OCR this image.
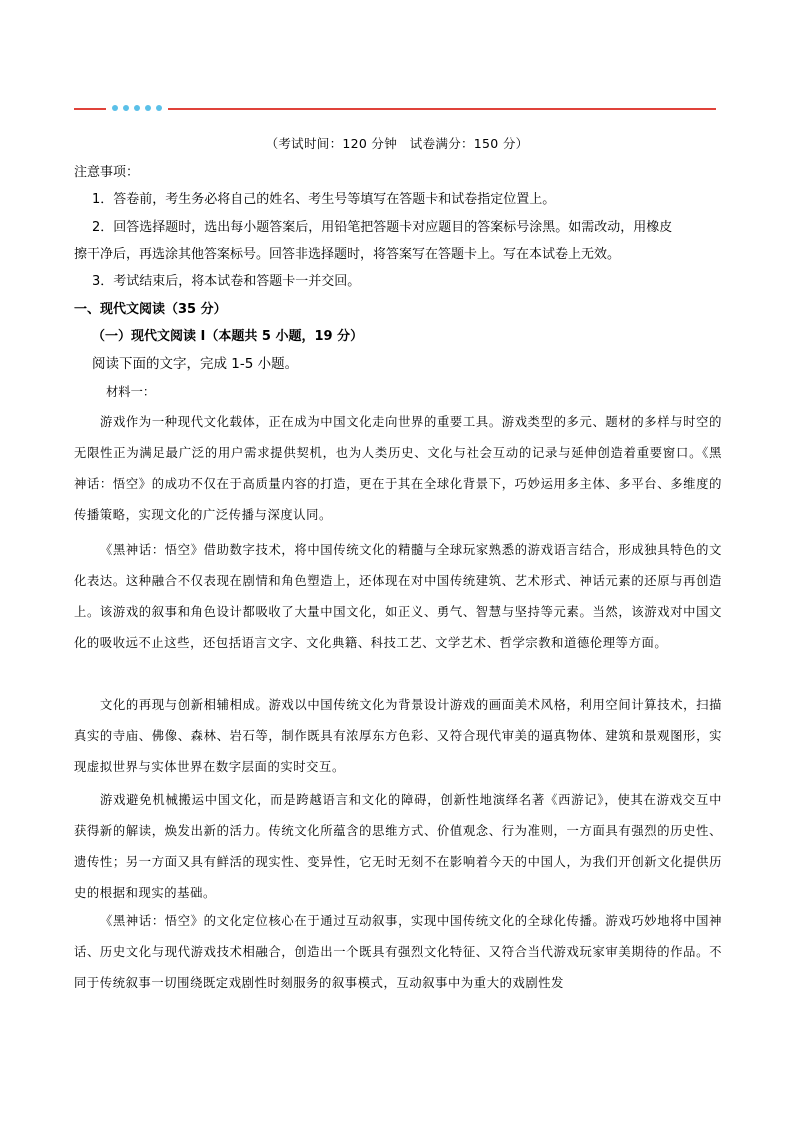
（考试时间：120 分钟　试卷满分：150 分）
注意事项：
1．答卷前，考生务必将自己的姓名、考生号等填写在答题卡和试卷指定位置上。
2．回答选择题时，选出每小题答案后，用铅笔把答题卡对应题目的答案标号涂黑。如需改动，用橡皮
擦干净后，再选涂其他答案标号。回答非选择题时，将答案写在答题卡上。写在本试卷上无效。
3．考试结束后，将本试卷和答题卡一并交回。
一、现代文阅读（35 分）
（一）现代文阅读 I（本题共 5 小题，19 分）
阅读下面的文字，完成 1-5 小题。
材料一：
游戏作为一种现代文化载体，正在成为中国文化走向世界的重要工具。游戏类型的多元、题材的多样与时空的无限性正为满足最广泛的用户需求提供契机，也为人类历史、文化与社会互动的记录与延伸创造着重要窗口。《黑神话：悟空》的成功不仅在于高质量内容的打造，更在于其在全球化背景下，巧妙运用多主体、多平台、多维度的传播策略，实现文化的广泛传播与深度认同。
《黑神话：悟空》借助数字技术，将中国传统文化的精髓与全球玩家熟悉的游戏语言结合，形成独具特色的文化表达。这种融合不仅表现在剧情和角色塑造上，还体现在对中国传统建筑、艺术形式、神话元素的还原与再创造上。该游戏的叙事和角色设计都吸收了大量中国文化，如正义、勇气、智慧与坚持等元素。当然，该游戏对中国文化的吸收远不止这些，还包括语言文字、文化典籍、科技工艺、文学艺术、哲学宗教和道德伦理等方面。
文化的再现与创新相辅相成。游戏以中国传统文化为背景设计游戏的画面美术风格，利用空间计算技术，扫描真实的寺庙、佛像、森林、岩石等，制作既具有浓厚东方色彩、又符合现代审美的逼真物体、建筑和景观图形，实现虚拟世界与实体世界在数字层面的实时交互。
游戏避免机械搬运中国文化，而是跨越语言和文化的障碍，创新性地演绎名著《西游记》，使其在游戏交互中获得新的解读，焕发出新的活力。传统文化所蕴含的思维方式、价值观念、行为准则，一方面具有强烈的历史性、遗传性；另一方面又具有鲜活的现实性、变异性，它无时无刻不在影响着今天的中国人，为我们开创新文化提供历史的根据和现实的基础。
《黑神话：悟空》的文化定位核心在于通过互动叙事，实现中国传统文化的全球化传播。游戏巧妙地将中国神话、历史文化与现代游戏技术相融合，创造出一个既具有强烈文化特征、又符合当代游戏玩家审美期待的作品。不同于传统叙事一切围绕既定戏剧性时刻服务的叙事模式，互动叙事中为重大的戏剧性发
